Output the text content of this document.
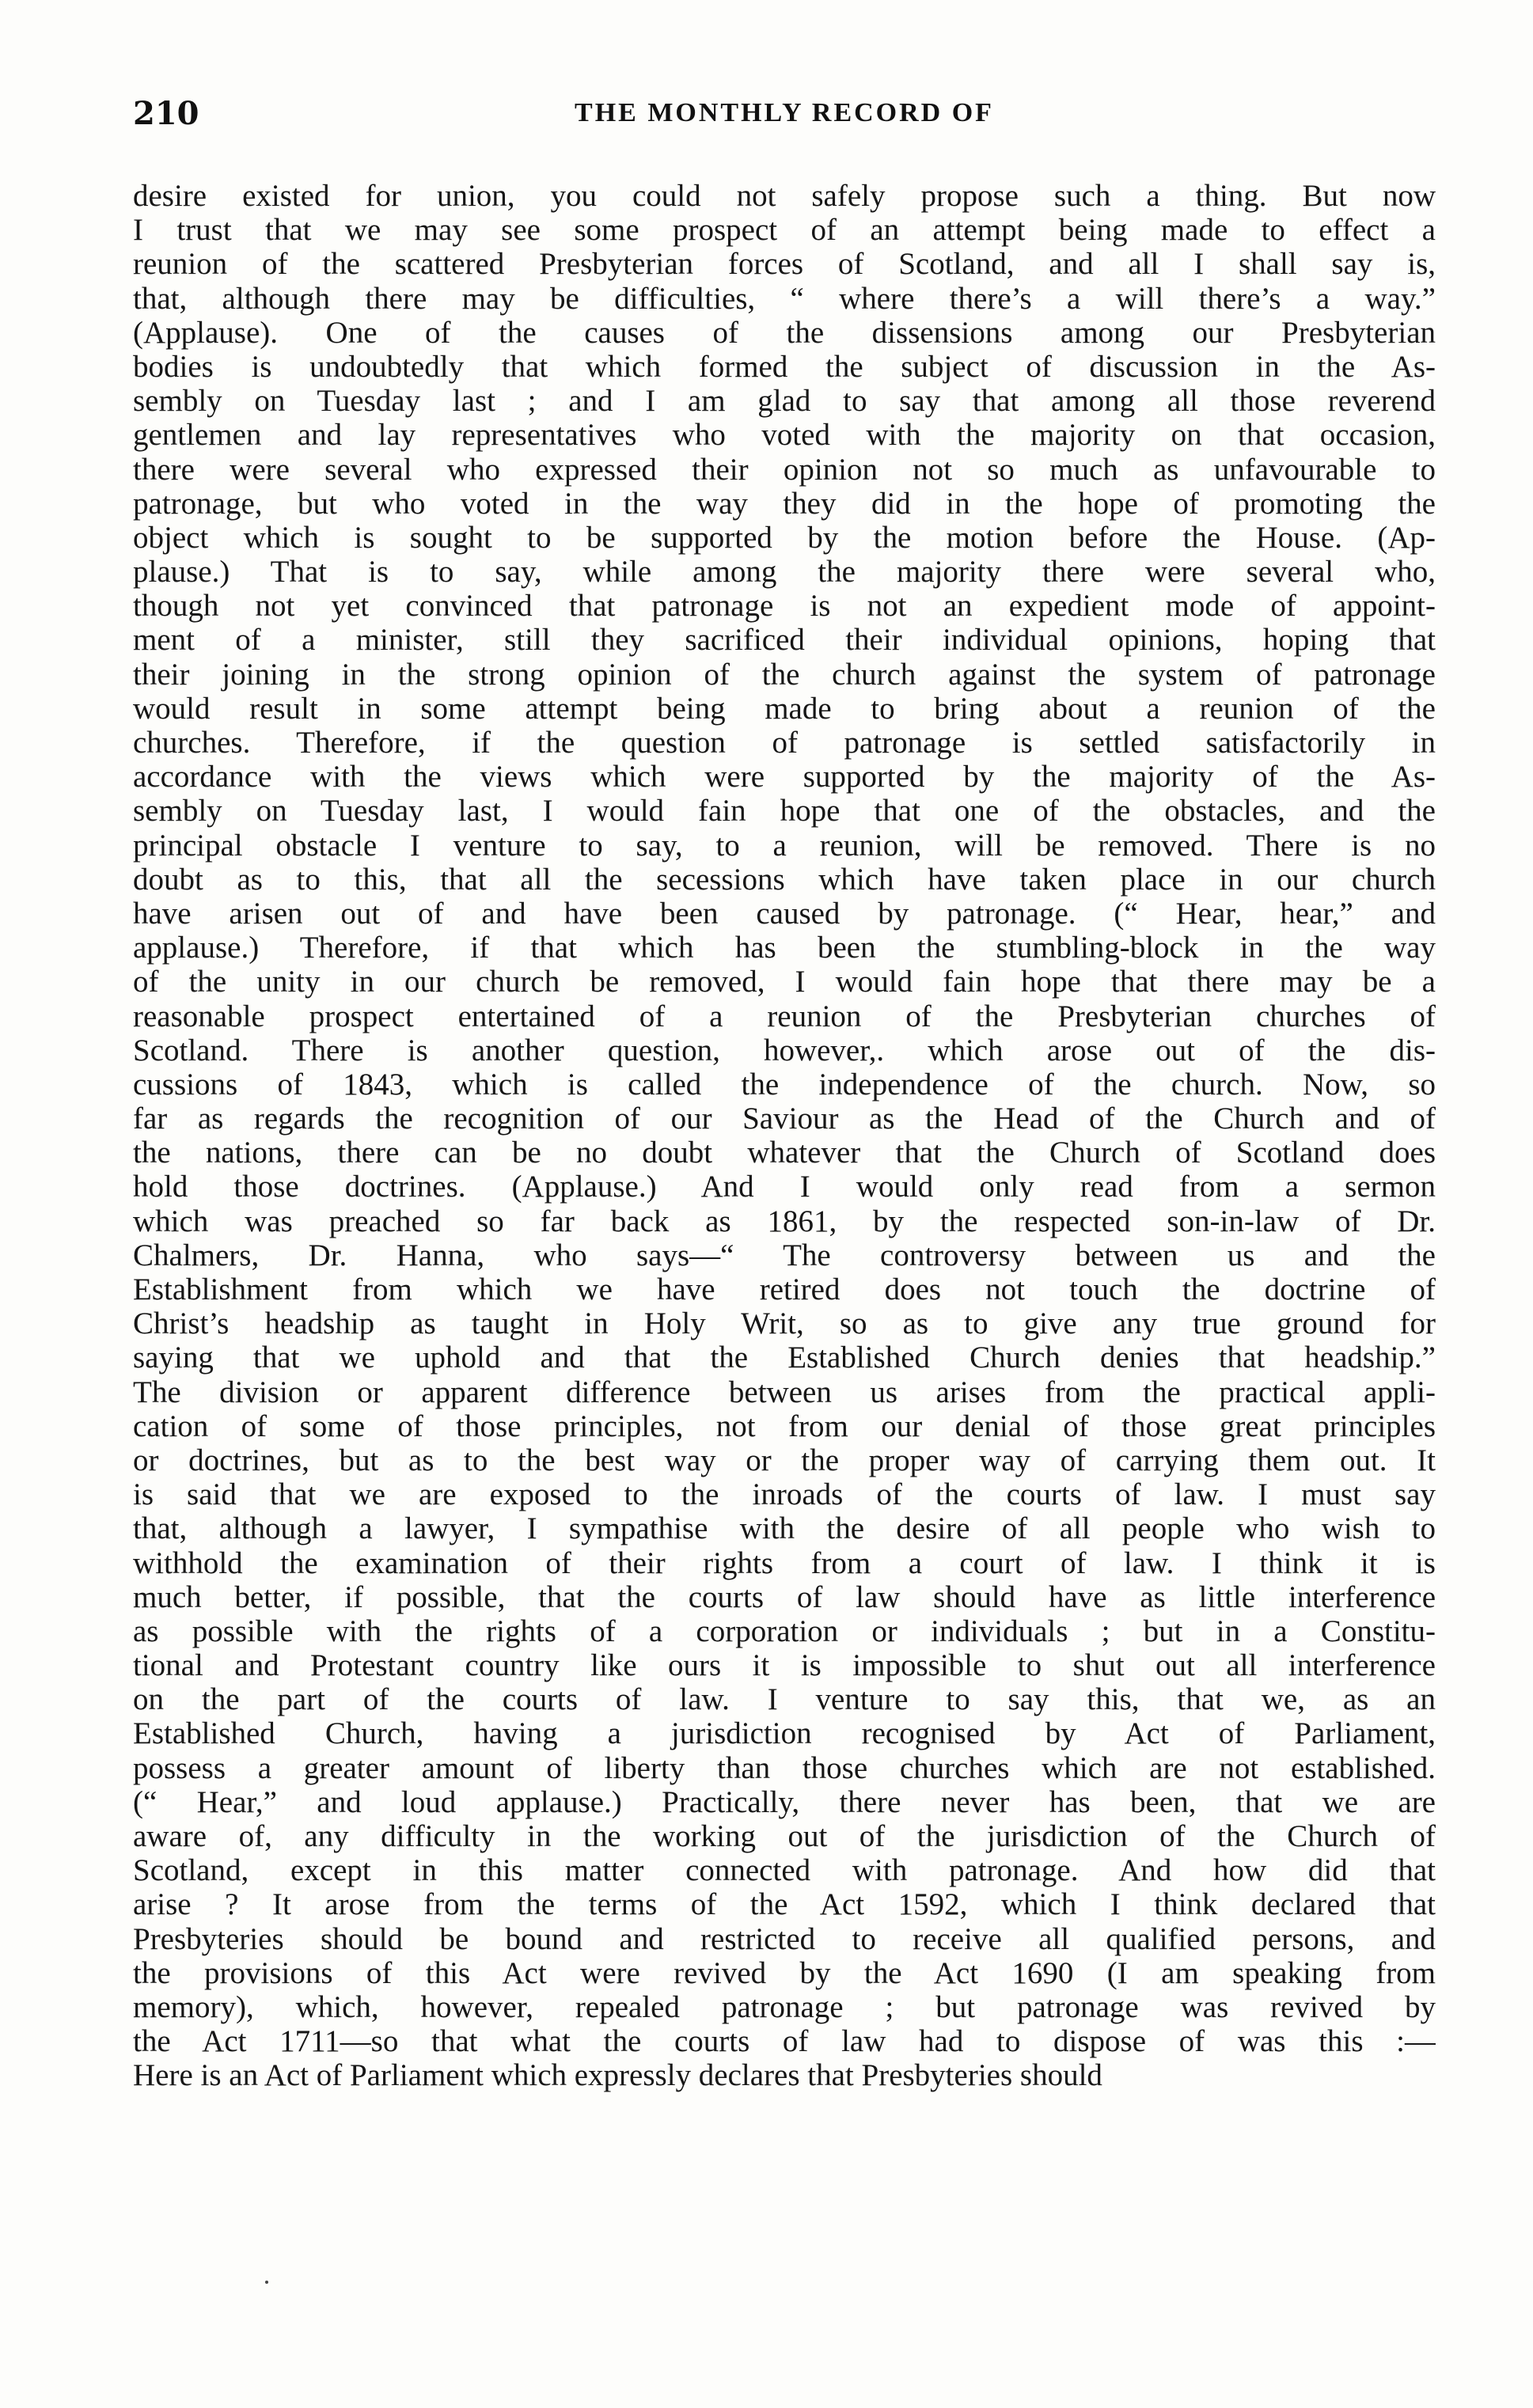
210	THE MONTHLY RECORD OF
desire existed for union, you could not safely propose such a thing. But now
I trust that we may see some prospect of an attempt being made to effect a
reunion of the scattered Presbyterian forces of Scotland, and all I shall say is,
that, although there may be difficulties, “ where there’s a will there’s a way.”
(Applause). One of the causes of the dissensions among our Presbyterian
bodies is undoubtedly that which formed the subject of discussion in the As-
sembly on Tuesday last ; and I am glad to say that among all those reverend
gentlemen and lay representatives who voted with the majority on that occasion,
there were several who expressed their opinion not so much as unfavourable to
patronage, but who voted in the way they did in the hope of promoting the
object which is sought to be supported by the motion before the House. (Ap-
plause.) That is to say, while among the majority there were several who,
though not yet convinced that patronage is not an expedient mode of appoint-
ment of a minister, still they sacrificed their individual opinions, hoping that
their joining in the strong opinion of the church against the system of patronage
would result in some attempt being made to bring about a reunion of the
churches. Therefore, if the question of patronage is settled satisfactorily in
accordance with the views which were supported by the majority of the As-
sembly on Tuesday last, I would fain hope that one of the obstacles, and the
principal obstacle I venture to say, to a reunion, will be removed. There is no
doubt as to this, that all the secessions which have taken place in our church
have arisen out of and have been caused by patronage. (“ Hear, hear,” and
applause.) Therefore, if that which has been the stumbling-block in the way
of the unity in our church be removed, I would fain hope that there may be a
reasonable prospect entertained of a reunion of the Presbyterian churches of
Scotland. There is another question, however,. which arose out of the dis-
cussions of 1843, which is called the independence of the church. Now, so
far as regards the recognition of our Saviour as the Head of the Church and of
the nations, there can be no doubt whatever that the Church of Scotland does
hold those doctrines. (Applause.) And I would only read from a sermon
which was preached so far back as 1861, by the respected son-in-law of Dr.
Chalmers, Dr. Hanna, who says—“ The controversy between us and the
Establishment from which we have retired does not touch the doctrine of
Christ’s headship as taught in Holy Writ, so as to give any true ground for
saying that we uphold and that the Established Church denies that headship.”
The division or apparent difference between us arises from the practical appli-
cation of some of those principles, not from our denial of those great principles
or doctrines, but as to the best way or the proper way of carrying them out. It
is said that we are exposed to the inroads of the courts of law. I must say
that, although a lawyer, I sympathise with the desire of all people who wish to
withhold the examination of their rights from a court of law. I think it is
much better, if possible, that the courts of law should have as little interference
as possible with the rights of a corporation or individuals ; but in a Constitu-
tional and Protestant country like ours it is impossible to shut out all interference
on the part of the courts of law. I venture to say this, that we, as an
Established Church, having a jurisdiction recognised by Act of Parliament,
possess a greater amount of liberty than those churches which are not established.
(“ Hear,” and loud applause.) Practically, there never has been, that we are
aware of, any difficulty in the working out of the jurisdiction of the Church of
Scotland, except in this matter connected with patronage. And how did that
arise ? It arose from the terms of the Act 1592, which I think declared that
Presbyteries should be bound and restricted to receive all qualified persons, and
the provisions of this Act were revived by the Act 1690 (I am speaking from
memory), which, however, repealed patronage ; but patronage was revived by
the Act 1711—so that what the courts of law had to dispose of was this :—
Here is an Act of Parliament which expressly declares that Presbyteries should
